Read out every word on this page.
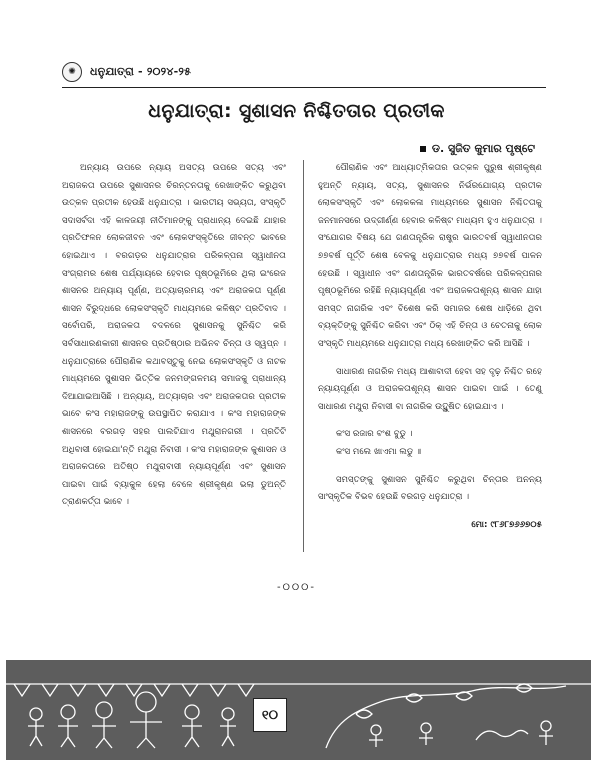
✺ ଧନୁଯାତ୍ରା - ୨୦୨୪-୨୫
ଧନୁଯାତ୍ରା: ସୁଶାସନ ନିଶ୍ଚିତତାର ପ୍ରତୀକ
ଡ. ସୁଜିତ କୁମାର ପୃଷ୍ଟେ

ଅନ୍ୟାୟ ଉପରେ ନ୍ୟାୟ ଅସତ୍ୟ ଉପରେ ସତ୍ୟ ଏବଂ ଅରାଜକତା ଉପରେ ସୁଶାସନର ଚିରନ୍ତନତାକୁ ରେଖାଙ୍କିତ କରୁଥିବା ଉତ୍କଳ ପ୍ରତୀକ ହେଉଛି ଧନୁଯାତ୍ରା । ଭାରତୀୟ ସଭ୍ୟତା, ସଂସ୍କୃତି ସଦାସର୍ବଦା ଏହି କାଳଜୟୀ ନୀତିମାନଙ୍କୁ ପ୍ରାଧାନ୍ୟ ଦେଇଛି ଯାହାର ପ୍ରତିଫଳନ ଲୋକଜୀବନ ଏବଂ ଲୋକସଂସ୍କୃତିରେ ଜୀବନ୍ତ ଭାବରେ ହୋଇଥାଏ । ବରଗଡ଼ର ଧନୁଯାତ୍ରାର ପରିକଳ୍ପନା ସ୍ୱାଧୀନତା ସଂଗ୍ରାମର ଶେଷ ପର୍ଯ୍ୟାୟରେ ହେବାର ପୃଷ୍ଠଭୂମିରେ ଥିଲା ଇଂରେଜ ଶାସନର ଅନ୍ୟାୟ ପୂର୍ଣ୍ଣ, ଅତ୍ୟାଚାରମୟ ଏବଂ ଅରାଜକତା ପୂର୍ଣ୍ଣ ଶାସନ ବିରୁଦ୍ଧରେ ଲୋକସଂସ୍କୃତି ମାଧ୍ୟମରେ କଳିଷ୍ଟ ପ୍ରତିବାଦ । ସର୍ବୋପରି, ଅରାଜକତା ବଦଳରେ ସୁଶାସନକୁ ସୁନିଶ୍ଚିତ କରି ସର୍ବସାଧାରଣକାରୀ ଶାସନର ପ୍ରତିଷ୍ଠାର ଅଭିନବ ଚିନ୍ତା ଓ ସ୍ୱପ୍ନ । ଧନୁଯାତ୍ରାରେ ପୌରାଣିକ କଥାବସ୍ତୁକୁ ନେଇ ଲୋକସଂସ୍କୃତି ଓ ନାଟକ ମାଧ୍ୟମରେ ସୁଶାସନ ଭିତ୍ତିକ ଜନମଙ୍ଗଳମୟ ସମାଜକୁ ପ୍ରାଧାନ୍ୟ ଦିଆଯାଇଆସିଛି । ଅନ୍ୟାୟ, ଅତ୍ୟାଚାର ଏବଂ ଅରାଜକତାର ପ୍ରତୀକ ଭାବେ କଂସ ମହାରାଜଙ୍କୁ ଉପସ୍ଥାପିତ କରାଯାଏ । କଂସ ମହାରାଜଙ୍କ ଶାସନରେ ବରଗଡ଼ ସହର ପାଲଟିଯାଏ ମଥୁରାନଗରୀ । ପ୍ରତିଟି ଅଧିବାସୀ ହୋଇଯା'ନ୍ତି ମଥୁରା ନିବାସୀ । କଂସ ମହାରାଜଙ୍କ କୁଶାସନ ଓ ଅରାଜକତାରେ ଅତିଷ୍ଠ ମଥୁରାବାସୀ ନ୍ୟାୟପୂର୍ଣ୍ଣ ଏବଂ ସୁଶାସନ ପାଇବା ପାଇଁ ବ୍ୟାକୁଳ ହେଲା ବେଳେ ଶ୍ରୀକୃଷ୍ଣ ଭଲା ଡୁଅନ୍ତି ତ୍ରାଣକର୍ତ୍ତା ଭାବେ ।

ପୌରାଣିକ ଏବଂ ଆଧ୍ୟାତ୍ମିକତାର ଉତ୍କଳ ପୁରୁଷ ଶ୍ରୀକୃଷ୍ଣ ହୁଅନ୍ତି ନ୍ୟାୟ, ସତ୍ୟ, ସୁଶାସନର ନିର୍ଭରଯୋଗ୍ୟ ପ୍ରତୀକ ଲୋକସଂସ୍କୃତି ଏବଂ ଲୋକକଳା ମାଧ୍ୟମରେ ସୁଶାସନ ନିଶ୍ଚିତତାକୁ ଜନମାନସରେ ଉଦ୍ଗୀର୍ଣ୍ଣ ହେବାର କଳିଷ୍ଟ ମାଧ୍ୟମ ହୁଏ ଧନୁଯାତ୍ରା । ସଂଯୋଗର ବିଷୟ ଯେ ଗଣତାନ୍ତ୍ରିକ ରାଷ୍ଟ୍ର ଭାରତବର୍ଷ ସ୍ୱାଧୀନତାର ୭୭ବର୍ଷ ପୂର୍ତ୍ତି ଶେଷ ବେଳକୁ ଧନୁଯାତ୍ରାର ମଧ୍ୟ ୭୭ବର୍ଷ ପାଳନ ହେଉଛି । ସ୍ୱାଧୀନ ଏବଂ ଗଣତାନ୍ତ୍ରିକ ଭାରତବର୍ଷରେ ପରିକଳ୍ପନାର ପୃଷ୍ଠଭୂମିରେ ରହିଛି ନ୍ୟାୟପୂର୍ଣ୍ଣ ଏବଂ ଅରାଜକତାଶୂନ୍ୟ ଶାସନ ଯାହା ସମସ୍ତ ନାଗରିକ ଏବଂ ବିଶେଷ କରି ସମାଜର ଶେଷ ଧାଡ଼ିରେ ଥିବା ବ୍ୟକ୍ତିଙ୍କୁ ସୁନିଶ୍ଚିତ କରିବା ଏବଂ ଠିକ୍ ଏହି ଚିନ୍ତା ଓ ଚେତନାକୁ ଲୋକ ସଂସ୍କୃତି ମାଧ୍ୟମରେ ଧନୁଯାତ୍ରା ମଧ୍ୟ ରେଖାଙ୍କିତ କରି ଆସିଛି ।

ସାଧାରଣ ନାଗରିକ ମଧ୍ୟ ଆଶାବାଦୀ ହେବା ସହ ଦୃଢ଼ ନିଶ୍ଚିତ ରହେ ନ୍ୟାୟପୂର୍ଣ୍ଣ ଓ ଅରାଜକତାଶୂନ୍ୟ ଶାସନ ପାଇବା ପାଇଁ । ତେଣୁ ସାଧାରଣ ମଥୁରା ନିବାସୀ ବା ନାଗରିକ ଉଦ୍ଘୁଷିତ ହୋଇଯାଏ ।

କଂସ ରଜାର ବଂଶ ବୁଡୁ ।
କଂସ ମଲେ ଖାଏମା ଲଡୁ ॥

ସମସ୍ତଙ୍କୁ ସୁଶାସନ ସୁନିଶ୍ଚିତ କରୁଥିବା ଚିନ୍ତାର ଅନନ୍ୟ ସାଂସ୍କୃତିକ ବିଭବ ହେଉଛି ବରଗଡ଼ ଧନୁଯାତ୍ରା ।

ମୋ: ୯୮୬୮୭୬୬୭୦୫

-୦୦୦-
୧୦
